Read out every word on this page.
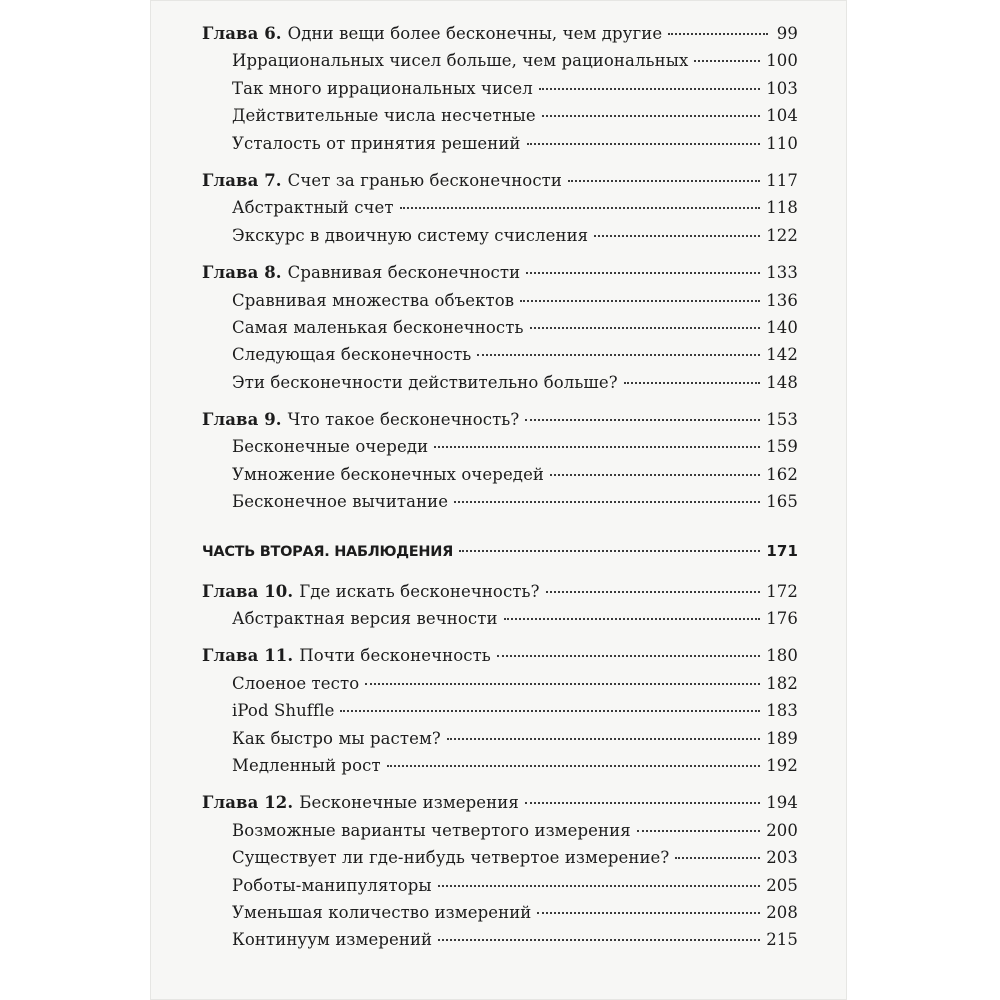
Глава 6. Одни вещи более бесконечны, чем другие	99
Иррациональных чисел больше, чем рациональных	100
Так много иррациональных чисел	103
Действительные числа несчетные	104
Усталость от принятия решений	110
Глава 7. Счет за гранью бесконечности	117
Абстрактный счет	118
Экскурс в двоичную систему счисления	122
Глава 8. Сравнивая бесконечности	133
Сравнивая множества объектов	136
Самая маленькая бесконечность	140
Следующая бесконечность	142
Эти бесконечности действительно больше?	148
Глава 9. Что такое бесконечность?	153
Бесконечные очереди	159
Умножение бесконечных очередей	162
Бесконечное вычитание	165
ЧАСТЬ ВТОРАЯ. НАБЛЮДЕНИЯ	171
Глава 10. Где искать бесконечность?	172
Абстрактная версия вечности	176
Глава 11. Почти бесконечность	180
Слоеное тесто	182
iPod Shuffle	183
Как быстро мы растем?	189
Медленный рост	192
Глава 12. Бесконечные измерения	194
Возможные варианты четвертого измерения	200
Существует ли где-нибудь четвертое измерение?	203
Роботы-манипуляторы	205
Уменьшая количество измерений	208
Континуум измерений	215
